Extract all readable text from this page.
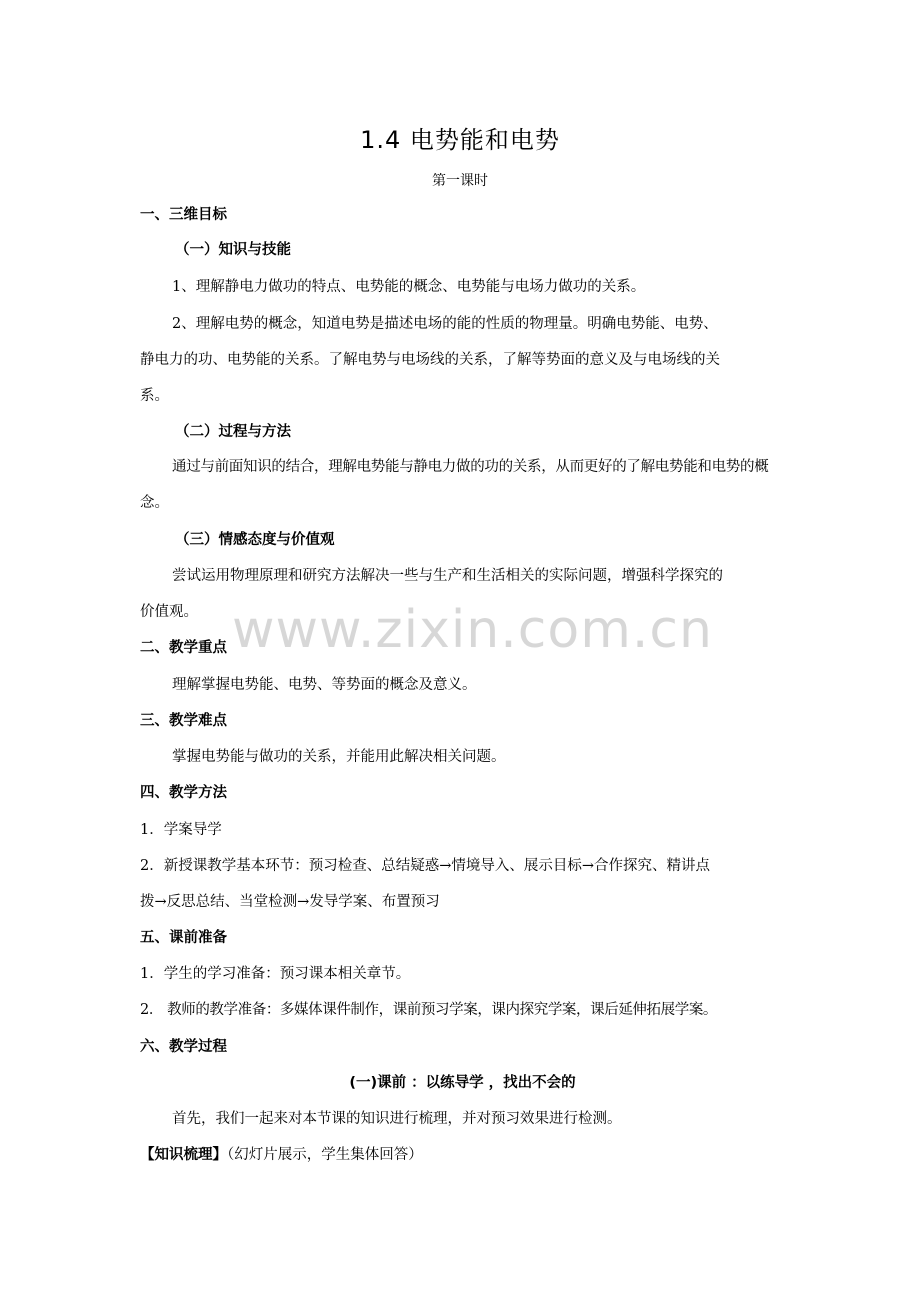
1.4 电势能和电势
第一课时
一、三维目标
（一）知识与技能
1、理解静电力做功的特点、电势能的概念、电势能与电场力做功的关系。
2、理解电势的概念，知道电势是描述电场的能的性质的物理量。明确电势能、电势、
静电力的功、电势能的关系。了解电势与电场线的关系，了解等势面的意义及与电场线的关
系。
（二）过程与方法
通过与前面知识的结合，理解电势能与静电力做的功的关系，从而更好的了解电势能和电势的概
念。
（三）情感态度与价值观
尝试运用物理原理和研究方法解决一些与生产和生活相关的实际问题，增强科学探究的
价值观。
二、教学重点
理解掌握电势能、电势、等势面的概念及意义。
三、教学难点
掌握电势能与做功的关系，并能用此解决相关问题。
四、教学方法
1．学案导学
2．新授课教学基本环节：预习检查、总结疑惑→情境导入、展示目标→合作探究、精讲点
拨→反思总结、当堂检测→发导学案、布置预习
五、课前准备
1．学生的学习准备：预习课本相关章节。
2． 教师的教学准备：多媒体课件制作，课前预习学案，课内探究学案，课后延伸拓展学案。
六、教学过程
(一)课前 ：以练导学 ，找出不会的
首先，我们一起来对本节课的知识进行梳理，并对预习效果进行检测。
【知识梳理】（幻灯片展示，学生集体回答）
www.zixin.com.cn
